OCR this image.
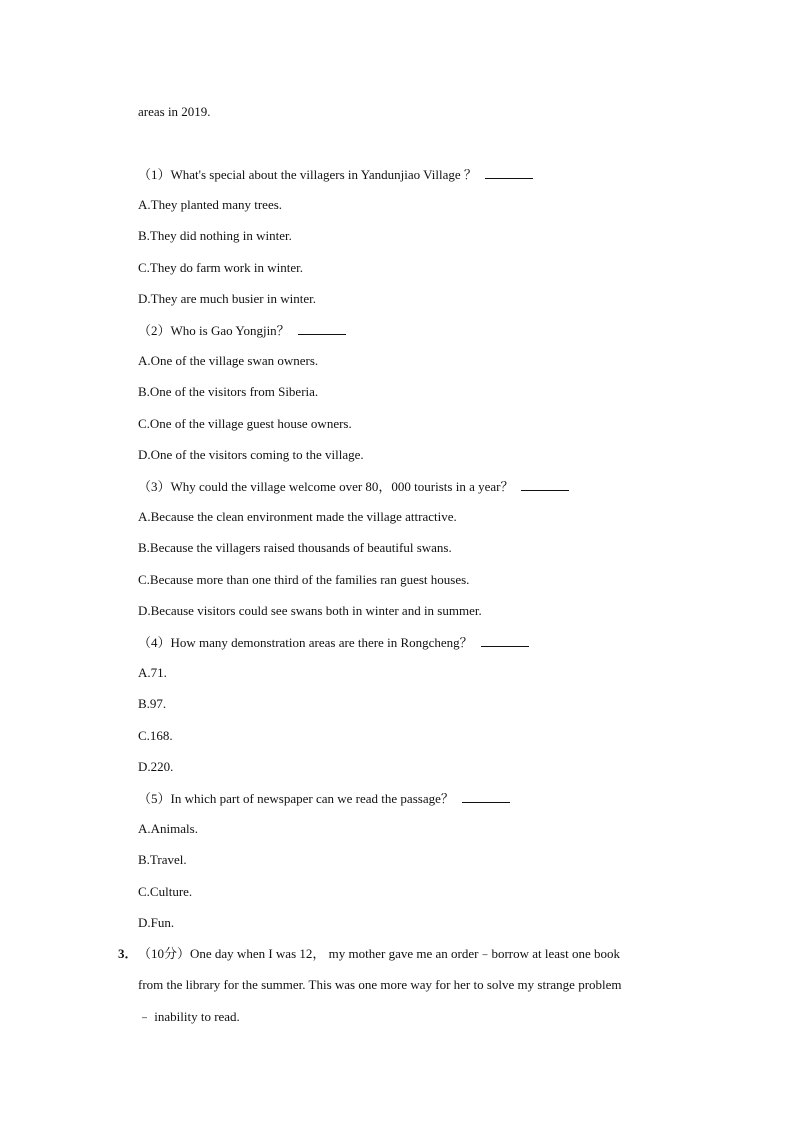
areas in 2019.
（1）What's special about the villagers in Yandunjiao Village ？
A.They planted many trees.
B.They did nothing in winter.
C.They do farm work in winter.
D.They are much busier in winter.
（2）Who is Gao Yongjin？
A.One of the village swan owners.
B.One of the visitors from Siberia.
C.One of the village guest house owners.
D.One of the visitors coming to the village.
（3）Why could the village welcome over 80，000 tourists in a year？
A.Because the clean environment made the village attractive.
B.Because the villagers raised thousands of beautiful swans.
C.Because more than one third of the families ran guest houses.
D.Because visitors could see swans both in winter and in summer.
（4）How many demonstration areas are there in Rongcheng？
A.71.
B.97.
C.168.
D.220.
（5）In which part of newspaper can we read the passage？
A.Animals.
B.Travel.
C.Culture.
D.Fun.
3． （10分）One day when I was 12， my mother gave me an order﹣borrow at least one book
from the library for the summer. This was one more way for her to solve my strange problem
﹣ inability to read.
